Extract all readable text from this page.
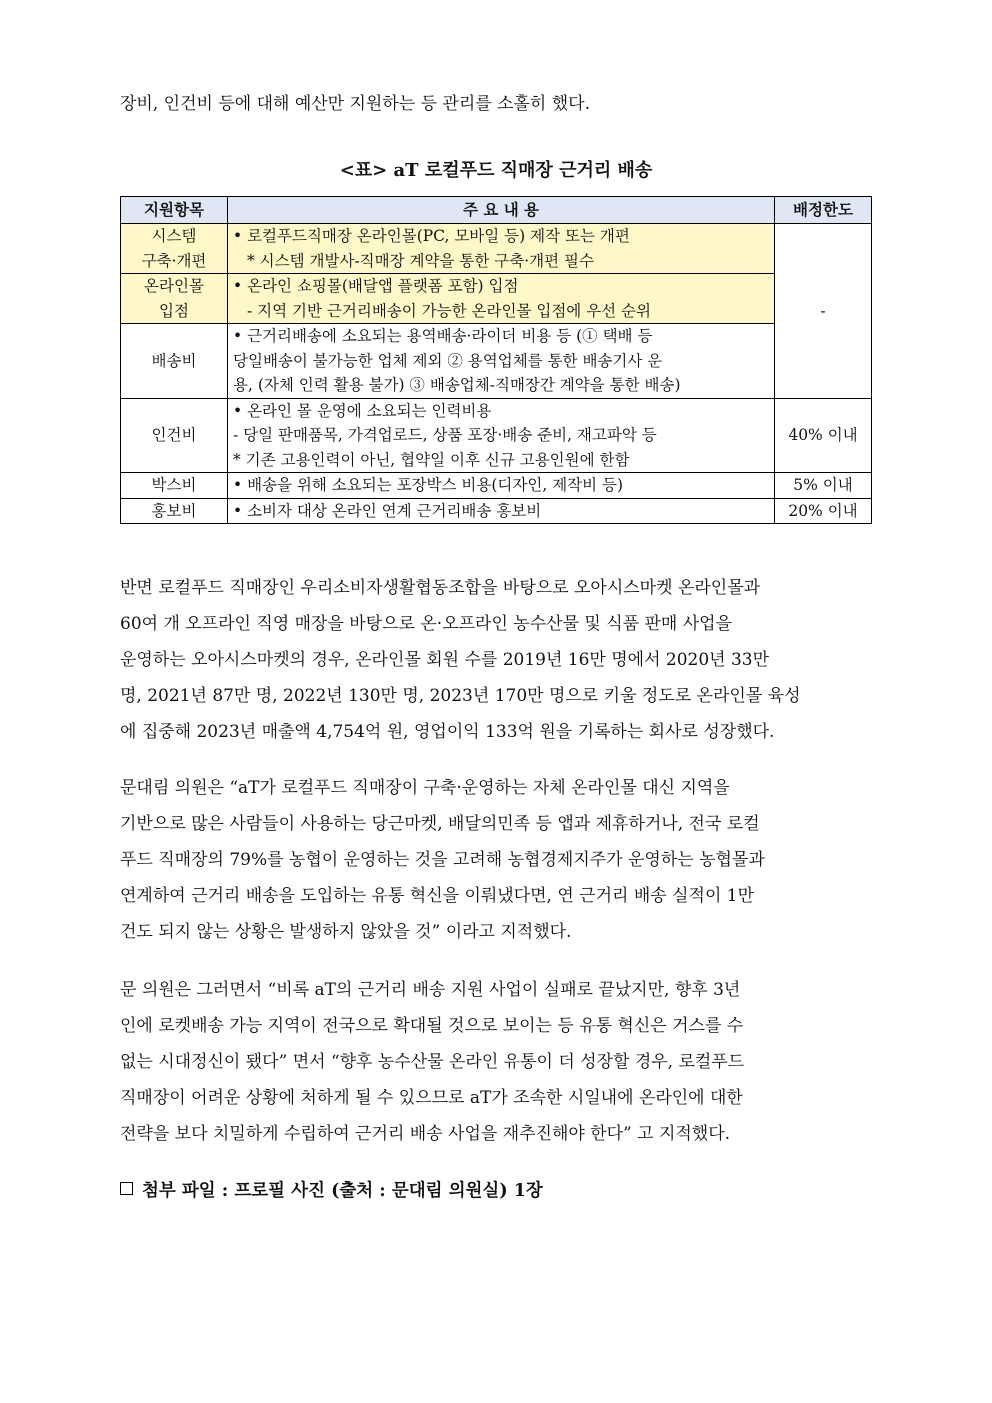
장비, 인건비 등에 대해 예산만 지원하는 등 관리를 소홀히 했다.

<표> aT 로컬푸드 직매장 근거리 배송
지원항목	주 요 내 용	배정한도

시스템
구축·개편	• 로컬푸드직매장 온라인몰(PC, 모바일 등) 제작 또는 개편
* 시스템 개발사-직매장 계약을 통한 구축·개편 필수	-

온라인몰
입점	• 온라인 쇼핑몰(배달앱 플랫폼 포함) 입점
- 지역 기반 근거리배송이 가능한 온라인몰 입점에 우선 순위	

배송비	• 근거리배송에 소요되는 용역배송·라이더 비용 등 (① 택배 등
당일배송이 불가능한 업체 제외 ② 용역업체를 통한 배송기사 운
용, (자체 인력 활용 불가) ③ 배송업체-직매장간 계약을 통한 배송)	

인건비	• 온라인 몰 운영에 소요되는 인력비용
- 당일 판매품목, 가격업로드, 상품 포장·배송 준비, 재고파악 등
* 기존 고용인력이 아닌, 협약일 이후 신규 고용인원에 한함	40% 이내
박스비	• 배송을 위해 소요되는 포장박스 비용(디자인, 제작비 등)	5% 이내
홍보비	• 소비자 대상 온라인 연계 근거리배송 홍보비	20% 이내

반면 로컬푸드 직매장인 우리소비자생활협동조합을 바탕으로 오아시스마켓 온라인몰과
60여 개 오프라인 직영 매장을 바탕으로 온·오프라인 농수산물 및 식품 판매 사업을
운영하는 오아시스마켓의 경우, 온라인몰 회원 수를 2019년 16만 명에서 2020년 33만
명, 2021년 87만 명, 2022년 130만 명, 2023년 170만 명으로 키울 정도로 온라인몰 육성
에 집중해 2023년 매출액 4,754억 원, 영업이익 133억 원을 기록하는 회사로 성장했다.

문대림 의원은 “aT가 로컬푸드 직매장이 구축·운영하는 자체 온라인몰 대신 지역을
기반으로 많은 사람들이 사용하는 당근마켓, 배달의민족 등 앱과 제휴하거나, 전국 로컬
푸드 직매장의 79%를 농협이 운영하는 것을 고려해 농협경제지주가 운영하는 농협몰과
연계하여 근거리 배송을 도입하는 유통 혁신을 이뤄냈다면, 연 근거리 배송 실적이 1만
건도 되지 않는 상황은 발생하지 않았을 것” 이라고 지적했다.

문 의원은 그러면서 “비록 aT의 근거리 배송 지원 사업이 실패로 끝났지만, 향후 3년
인에 로켓배송 가능 지역이 전국으로 확대될 것으로 보이는 등 유통 혁신은 거스를 수
없는 시대정신이 됐다” 면서 “향후 농수산물 온라인 유통이 더 성장할 경우, 로컬푸드
직매장이 어려운 상황에 처하게 될 수 있으므로 aT가 조속한 시일내에 온라인에 대한
전략을 보다 치밀하게 수립하여 근거리 배송 사업을 재추진해야 한다” 고 지적했다.

첨부 파일 : 프로필 사진 (출처 : 문대림 의원실) 1장
